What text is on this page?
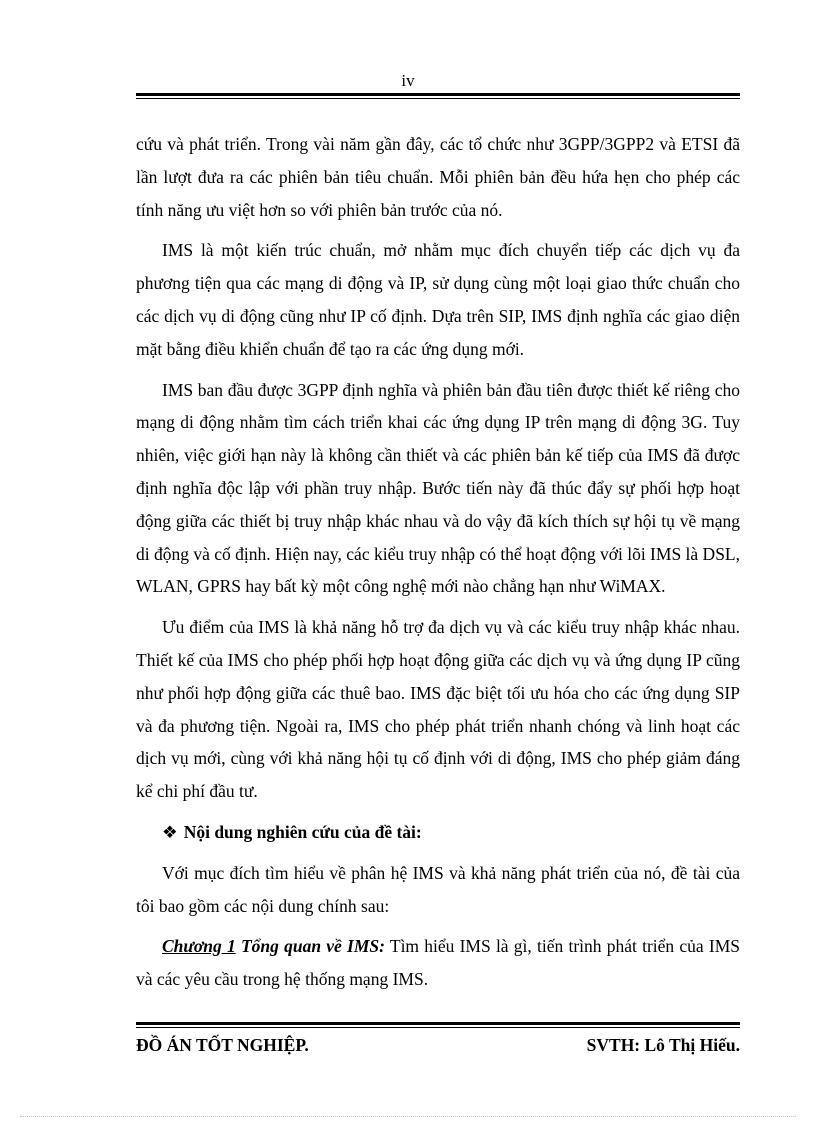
iv

cứu và phát triển. Trong vài năm gần đây, các tổ chức như 3GPP/3GPP2 và ETSI đã lần lượt đưa ra các phiên bản tiêu chuẩn. Mỗi phiên bản đều hứa hẹn cho phép các tính năng ưu việt hơn so với phiên bản trước của nó.

IMS là một kiến trúc chuẩn, mở nhằm mục đích chuyển tiếp các dịch vụ đa phương tiện qua các mạng di động và IP, sử dụng cùng một loại giao thức chuẩn cho các dịch vụ di động cũng như IP cố định. Dựa trên SIP, IMS định nghĩa các giao diện mặt bằng điều khiển chuẩn để tạo ra các ứng dụng mới.

IMS ban đầu được 3GPP định nghĩa và phiên bản đầu tiên được thiết kế riêng cho mạng di động nhằm tìm cách triển khai các ứng dụng IP trên mạng di động 3G. Tuy nhiên, việc giới hạn này là không cần thiết và các phiên bản kế tiếp của IMS đã được định nghĩa độc lập với phần truy nhập. Bước tiến này đã thúc đẩy sự phối hợp hoạt động giữa các thiết bị truy nhập khác nhau và do vậy đã kích thích sự hội tụ về mạng di động và cố định. Hiện nay, các kiểu truy nhập có thể hoạt động với lõi IMS là DSL, WLAN, GPRS hay bất kỳ một công nghệ mới nào chẳng hạn như WiMAX.

Ưu điểm của IMS là khả năng hỗ trợ đa dịch vụ và các kiểu truy nhập khác nhau. Thiết kế của IMS cho phép phối hợp hoạt động giữa các dịch vụ và ứng dụng IP cũng như phối hợp động giữa các thuê bao. IMS đặc biệt tối ưu hóa cho các ứng dụng SIP và đa phương tiện. Ngoài ra, IMS cho phép phát triển nhanh chóng và linh hoạt các dịch vụ mới, cùng với khả năng hội tụ cố định với di động, IMS cho phép giảm đáng kể chi phí đầu tư.

❖ Nội dung nghiên cứu của đề tài:

Với mục đích tìm hiểu về phân hệ IMS và khả năng phát triển của nó, đề tài của tôi bao gồm các nội dung chính sau:

Chương 1 Tổng quan về IMS: Tìm hiểu IMS là gì, tiến trình phát triển của IMS và các yêu cầu trong hệ thống mạng IMS.

ĐỒ ÁN TỐT NGHIỆP.	SVTH: Lô Thị Hiếu.
